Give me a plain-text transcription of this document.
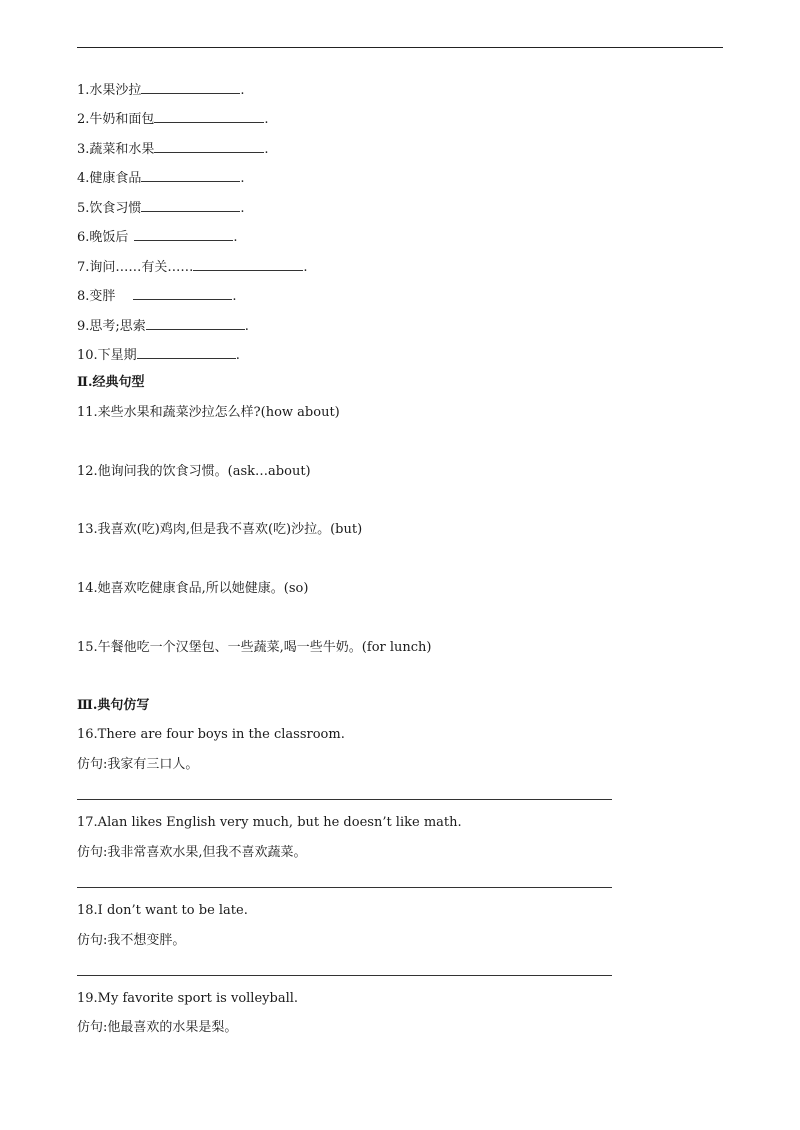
1.水果沙拉	.
2.牛奶和面包	.
3.蔬菜和水果	.
4.健康食品	.
5.饮食习惯	.
6.晚饭后	.
7.询问……有关……	.
8.变胖	.
9.思考;思索	.
10.下星期	.
Ⅱ.经典句型
11.来些水果和蔬菜沙拉怎么样?(how about)
12.他询问我的饮食习惯。(ask…about)
13.我喜欢(吃)鸡肉,但是我不喜欢(吃)沙拉。(but)
14.她喜欢吃健康食品,所以她健康。(so)
15.午餐他吃一个汉堡包、一些蔬菜,喝一些牛奶。(for lunch)
Ⅲ.典句仿写
16.There are four boys in the classroom.
仿句:我家有三口人。
17.Alan likes English very much, but he doesn’t like math.
仿句:我非常喜欢水果,但我不喜欢蔬菜。
18.I don’t want to be late.
仿句:我不想变胖。
19.My favorite sport is volleyball.
仿句:他最喜欢的水果是梨。
